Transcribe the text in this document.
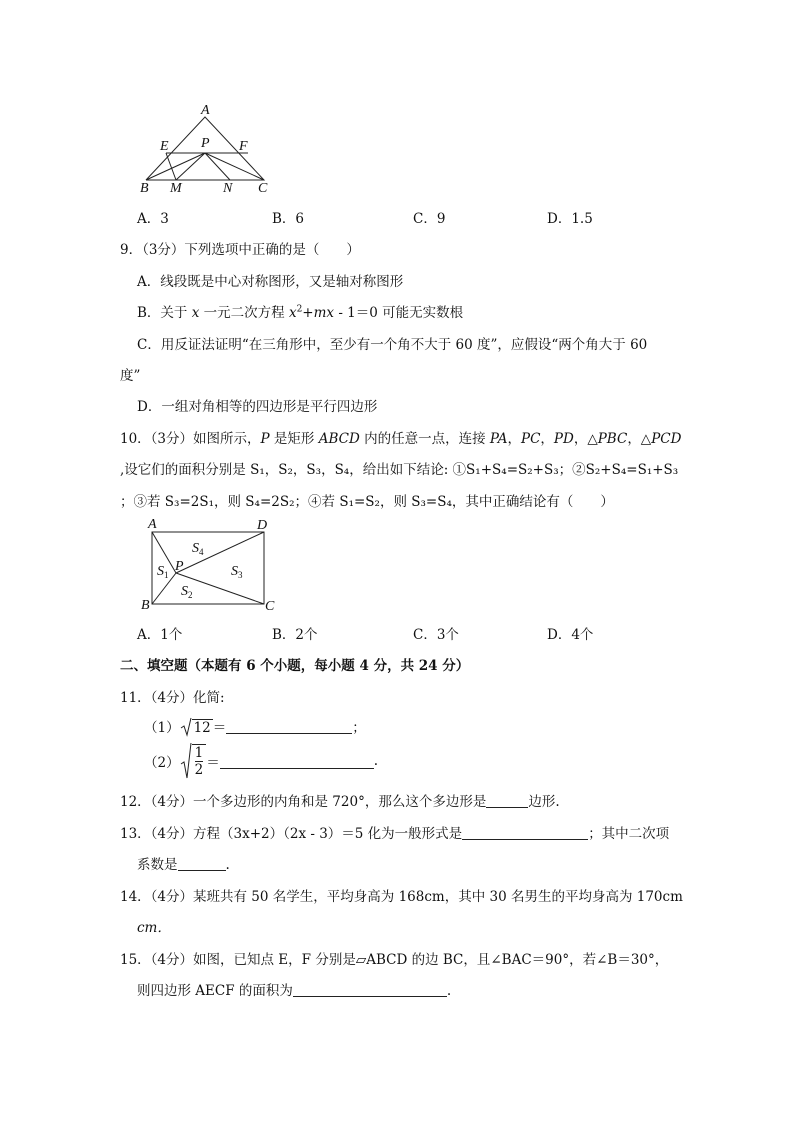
A
E P F
B M	N C
A．3	B．6	C．9	D．1.5
9．（3分）下列选项中正确的是（　　）
A．线段既是中心对称图形，又是轴对称图形
B．关于 x 一元二次方程 $x^2+mx - 1=0$ 可能无实数根
C．用反证法证明“在三角形中，至少有一个角不大于 60 度”，应假设“两个角大于 60
度”
D．一组对角相等的四边形是平行四边形
10．（3分）如图所示，P 是矩形 ABCD 内的任意一点，连接 PA，PC，PD，△PBC，△PCD
,设它们的面积分别是 S₁，S₂，S₃，S₄，给出如下结论: ①S₁+S₄=S₂+S₃；②S₂+S₄=S₁+S₃
；③若 S₃=2S₁，则 S₄=2S₂；④若 S₁=S₂，则 S₃=S₄，其中正确结论有（　　）
A	D
B	C
P
$S_4$
$S_1$	$S_3$
$S_2$
A．1个	B．2个	C．3个	D．4个
二、填空题（本题有 6 个小题，每小题 4 分，共 24 分）
11．（4分）化简:
（1） 12 ＝	；
$(2) \frac{1}{2}$ ＝	.
12．（4分）一个多边形的内角和是 720°，那么这个多边形是	边形.
13．（4分）方程（3x+2）（2x - 3）＝5 化为一般形式是	；其中二次项
系数是	.
14．（4分）某班共有 50 名学生，平均身高为 168cm，其中 30 名男生的平均身高为 170cm
cm．
15．（4分）如图，已知点 E，F 分别是▱ABCD 的边 BC，且∠BAC＝90°，若∠B＝30°，
则四边形 AECF 的面积为	.
